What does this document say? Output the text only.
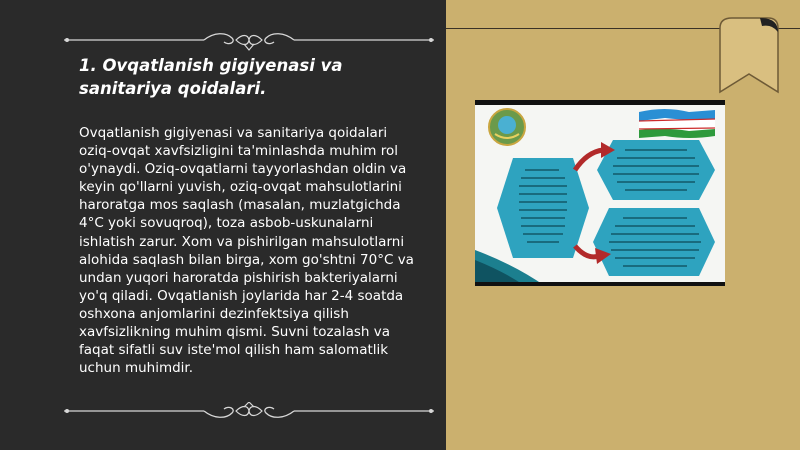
1. Ovqatlanish gigiyenasi va sanitariya qoidalari.

Ovqatlanish gigiyenasi va sanitariya qoidalari oziq-ovqat xavfsizligini ta'minlashda muhim rol o'ynaydi. Oziq-ovqatlarni tayyorlashdan oldin va keyin qo'llarni yuvish, oziq-ovqat mahsulotlarini haroratga mos saqlash (masalan, muzlatgichda 4°C yoki sovuqroq), toza asbob-uskunalarni ishlatish zarur. Xom va pishirilgan mahsulotlarni alohida saqlash bilan birga, xom go'shtni 70°C va undan yuqori haroratda pishirish bakteriyalarni yo'q qiladi. Ovqatlanish joylarida har 2-4 soatda oshxona anjomlarini dezinfektsiya qilish xavfsizlikning muhim qismi. Suvni tozalash va faqat sifatli suv iste'mol qilish ham salomatlik uchun muhimdir.
